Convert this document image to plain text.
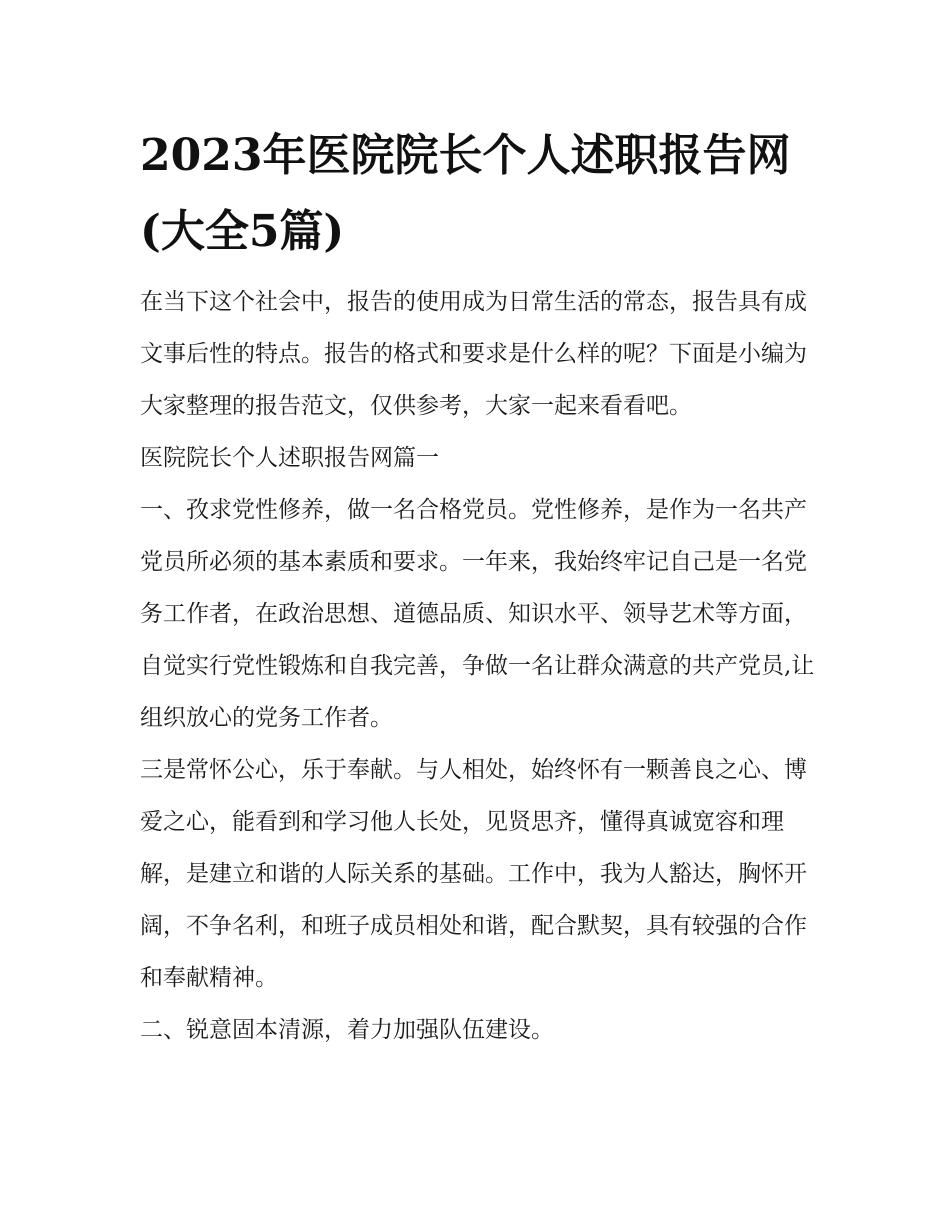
2023年医院院长个人述职报告网(大全5篇)

在当下这个社会中，报告的使用成为日常生活的常态，报告具有成文事后性的特点。报告的格式和要求是什么样的呢？下面是小编为大家整理的报告范文，仅供参考，大家一起来看看吧。

医院院长个人述职报告网篇一

一、孜求党性修养，做一名合格党员。党性修养，是作为一名共产党员所必须的基本素质和要求。一年来，我始终牢记自己是一名党务工作者，在政治思想、道德品质、知识水平、领导艺术等方面，自觉实行党性锻炼和自我完善，争做一名让群众满意的共产党员,让组织放心的党务工作者。

三是常怀公心，乐于奉献。与人相处，始终怀有一颗善良之心、博爱之心，能看到和学习他人长处，见贤思齐，懂得真诚宽容和理解，是建立和谐的人际关系的基础。工作中，我为人豁达，胸怀开阔，不争名利，和班子成员相处和谐，配合默契，具有较强的合作和奉献精神。

二、锐意固本清源，着力加强队伍建设。
